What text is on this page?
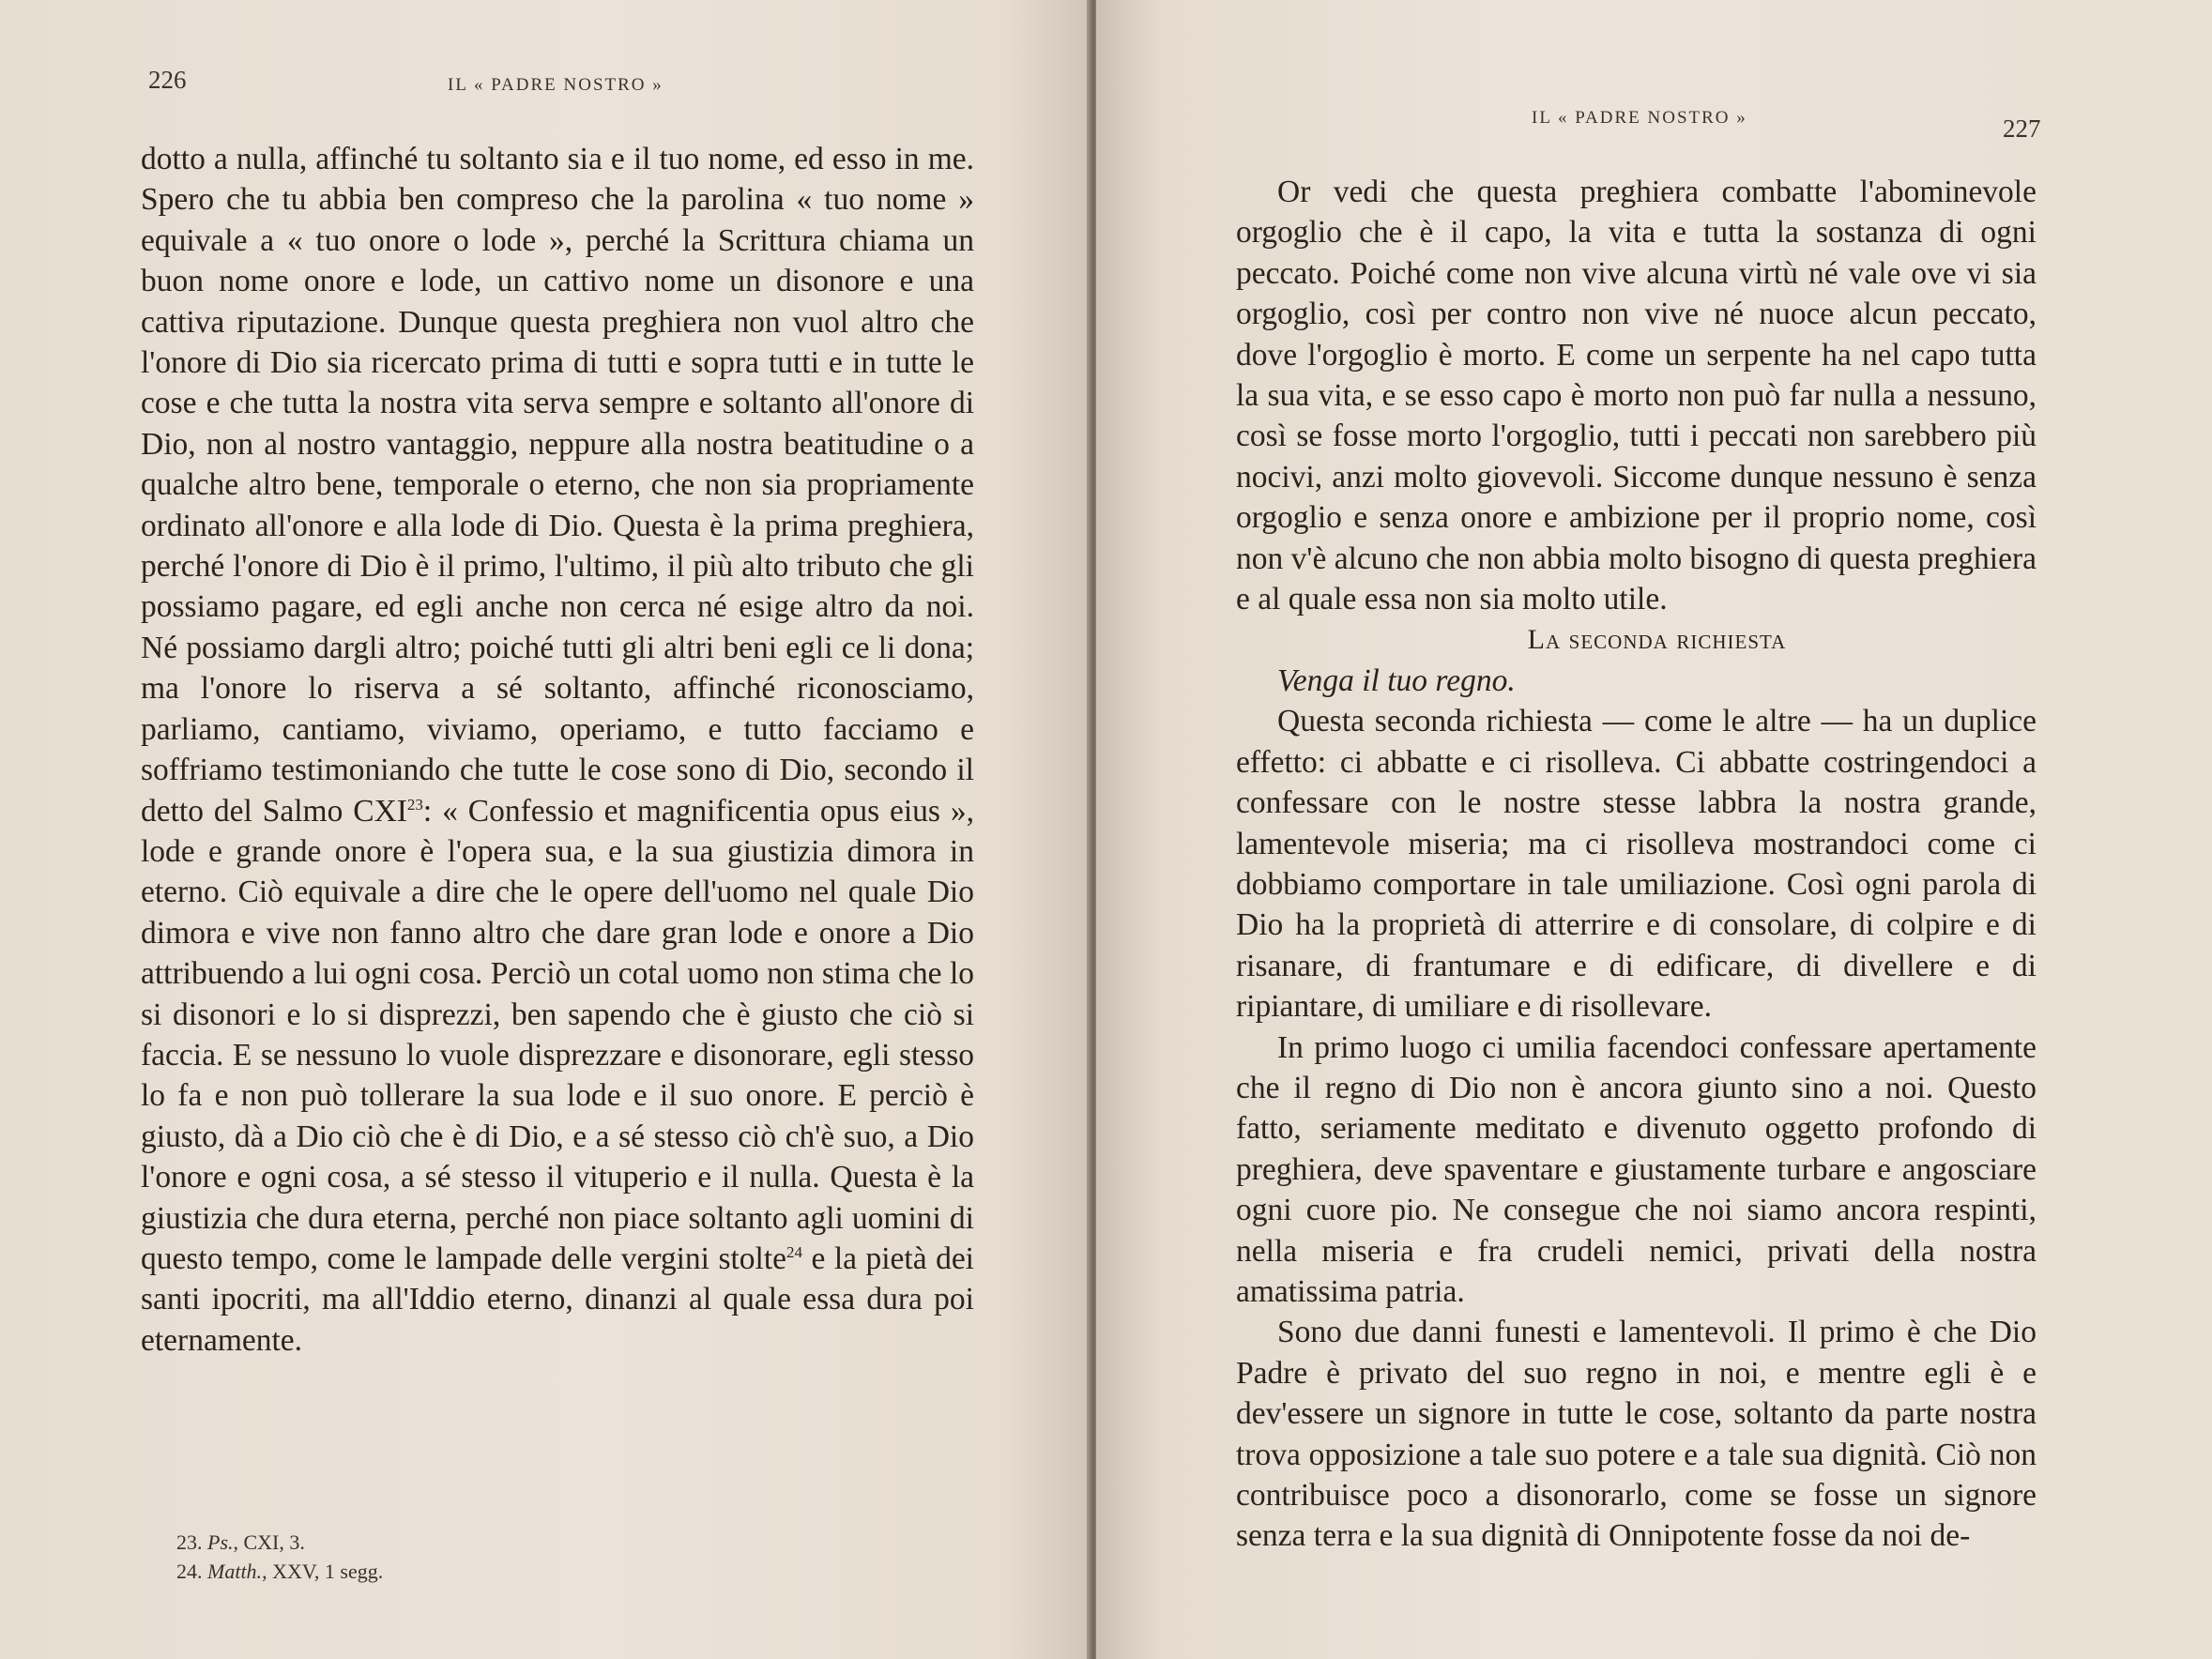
226	IL « PADRE NOSTRO »

dotto a nulla, affinché tu soltanto sia e il tuo nome, ed esso in me. Spero che tu abbia ben compreso che la parolina « tuo nome » equivale a « tuo onore o lode », perché la Scrittura chiama un buon nome onore e lode, un cattivo nome un disonore e una cattiva riputazione. Dunque questa preghiera non vuol altro che l'onore di Dio sia ricercato prima di tutti e sopra tutti e in tutte le cose e che tutta la nostra vita serva sempre e soltanto all'onore di Dio, non al nostro vantaggio, neppure alla nostra beatitudine o a qualche altro bene, temporale o eterno, che non sia propriamente ordinato all'onore e alla lode di Dio. Questa è la prima preghiera, perché l'onore di Dio è il primo, l'ultimo, il più alto tributo che gli possiamo pagare, ed egli anche non cerca né esige altro da noi. Né possiamo dargli altro; poiché tutti gli altri beni egli ce li dona; ma l'onore lo riserva a sé soltanto, affinché riconosciamo, parliamo, cantiamo, viviamo, operiamo, e tutto facciamo e soffriamo testimoniando che tutte le cose sono di Dio, secondo il detto del Salmo CXI$^{23}$: « Confessio et magnificentia opus eius », lode e grande onore è l'opera sua, e la sua giustizia dimora in eterno. Ciò equivale a dire che le opere dell'uomo nel quale Dio dimora e vive non fanno altro che dare gran lode e onore a Dio attribuendo a lui ogni cosa. Perciò un cotal uomo non stima che lo si disonori e lo si disprezzi, ben sapendo che è giusto che ciò si faccia. E se nessuno lo vuole disprezzare e disonorare, egli stesso lo fa e non può tollerare la sua lode e il suo onore. E perciò è giusto, dà a Dio ciò che è di Dio, e a sé stesso ciò ch'è suo, a Dio l'onore e ogni cosa, a sé stesso il vituperio e il nulla. Questa è la giustizia che dura eterna, perché non piace soltanto agli uomini di questo tempo, come le lampade delle vergini stolte$^{24}$ e la pietà dei santi ipocriti, ma all'Iddio eterno, dinanzi al quale essa dura poi eternamente.

23. Ps., CXI, 3.
24. Matth., XXV, 1 segg.
IL « PADRE NOSTRO »	227

Or vedi che questa preghiera combatte l'abominevole orgoglio che è il capo, la vita e tutta la sostanza di ogni peccato. Poiché come non vive alcuna virtù né vale ove vi sia orgoglio, così per contro non vive né nuoce alcun peccato, dove l'orgoglio è morto. E come un serpente ha nel capo tutta la sua vita, e se esso capo è morto non può far nulla a nessuno, così se fosse morto l'orgoglio, tutti i peccati non sarebbero più nocivi, anzi molto giovevoli. Siccome dunque nessuno è senza orgoglio e senza onore e ambizione per il proprio nome, così non v'è alcuno che non abbia molto bisogno di questa preghiera e al quale essa non sia molto utile.

La seconda richiesta

Venga il tuo regno.

Questa seconda richiesta — come le altre — ha un duplice effetto: ci abbatte e ci risolleva. Ci abbatte costringendoci a confessare con le nostre stesse labbra la nostra grande, lamentevole miseria; ma ci risolleva mostrandoci come ci dobbiamo comportare in tale umiliazione. Così ogni parola di Dio ha la proprietà di atterrire e di consolare, di colpire e di risanare, di frantumare e di edificare, di divellere e di ripiantare, di umiliare e di risollevare.

In primo luogo ci umilia facendoci confessare apertamente che il regno di Dio non è ancora giunto sino a noi. Questo fatto, seriamente meditato e divenuto oggetto profondo di preghiera, deve spaventare e giustamente turbare e angosciare ogni cuore pio. Ne consegue che noi siamo ancora respinti, nella miseria e fra crudeli nemici, privati della nostra amatissima patria.

Sono due danni funesti e lamentevoli. Il primo è che Dio Padre è privato del suo regno in noi, e mentre egli è e dev'essere un signore in tutte le cose, soltanto da parte nostra trova opposizione a tale suo potere e a tale sua dignità. Ciò non contribuisce poco a disonorarlo, come se fosse un signore senza terra e la sua dignità di Onnipotente fosse da noi de-
